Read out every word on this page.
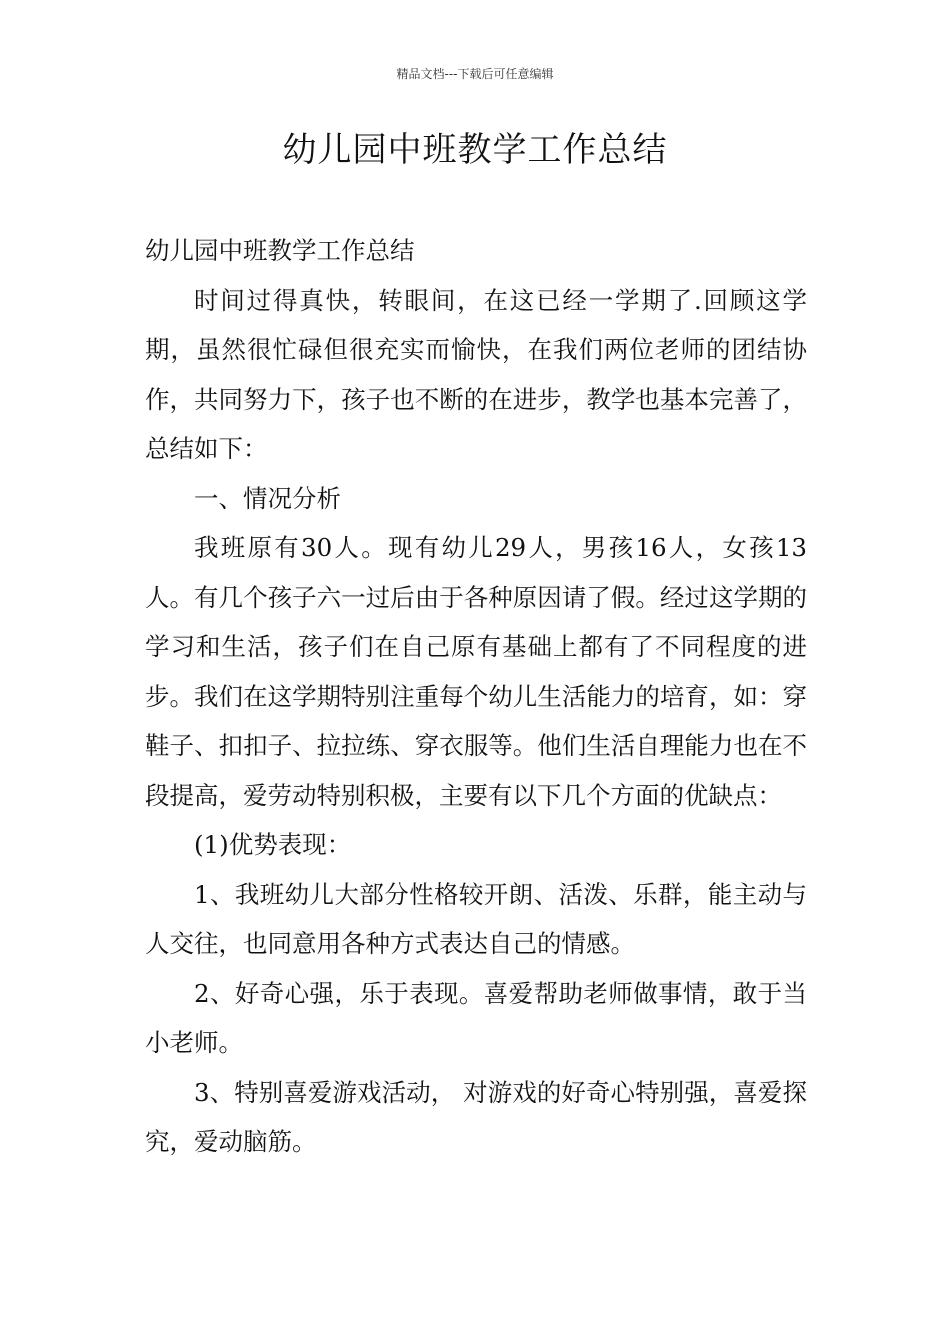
精品文档---下载后可任意编辑
幼儿园中班教学工作总结

幼儿园中班教学工作总结

时间过得真快，转眼间，在这已经一学期了.回顾这学期，虽然很忙碌但很充实而愉快，在我们两位老师的团结协作，共同努力下，孩子也不断的在进步，教学也基本完善了，总结如下：

一、情况分析

我班原有30人。现有幼儿29人，男孩16人，女孩13人。有几个孩子六一过后由于各种原因请了假。经过这学期的学习和生活，孩子们在自己原有基础上都有了不同程度的进步。我们在这学期特别注重每个幼儿生活能力的培育，如：穿鞋子、扣扣子、拉拉练、穿衣服等。他们生活自理能力也在不段提高，爱劳动特别积极，主要有以下几个方面的优缺点：

(1)优势表现：

1、我班幼儿大部分性格较开朗、活泼、乐群，能主动与人交往，也同意用各种方式表达自己的情感。

2、好奇心强，乐于表现。喜爱帮助老师做事情，敢于当小老师。

3、特别喜爱游戏活动， 对游戏的好奇心特别强，喜爱探究，爱动脑筋。
